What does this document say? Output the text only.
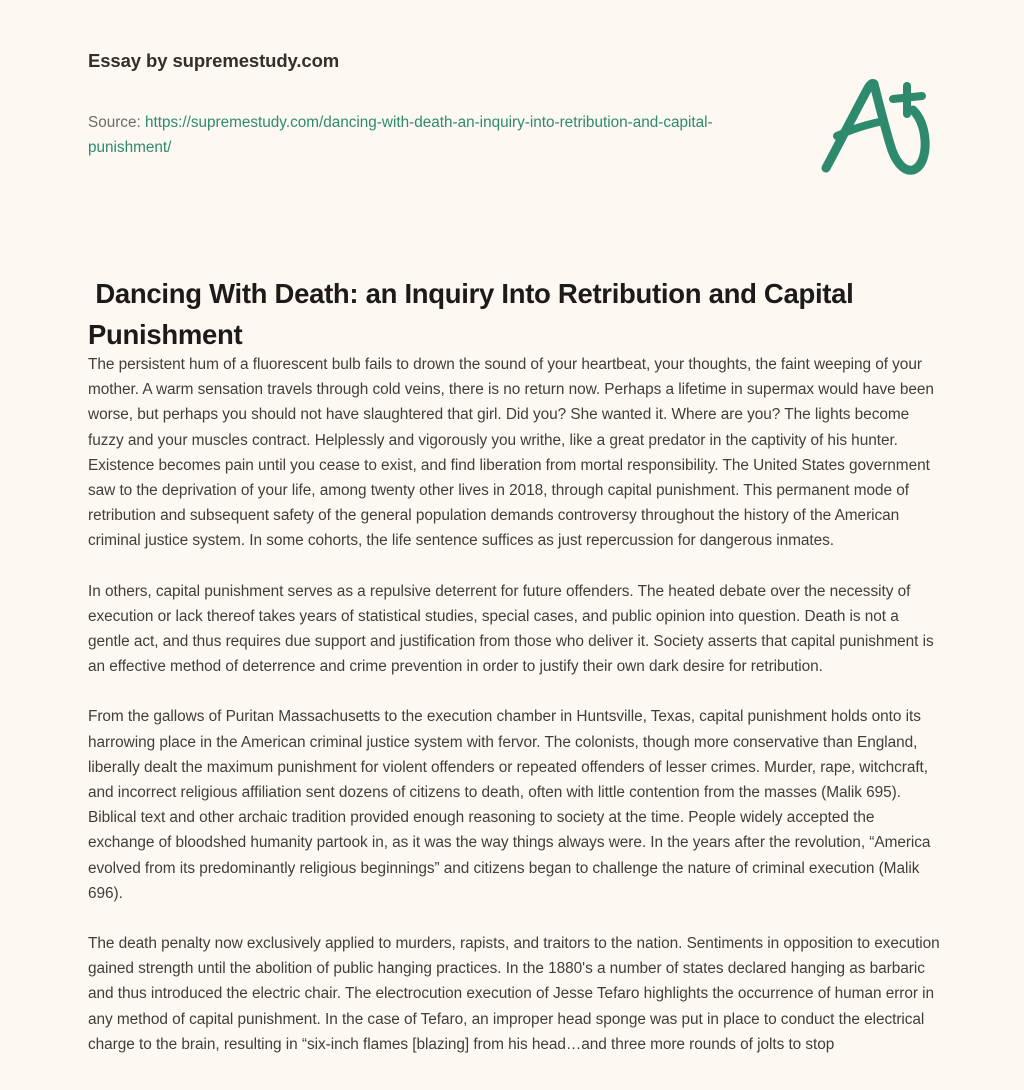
Essay by supremestudy.com
Source: https://supremestudy.com/dancing-with-death-an-inquiry-into-retribution-and-capital-punishment/
Dancing With Death: an Inquiry Into Retribution and Capital Punishment

The persistent hum of a fluorescent bulb fails to drown the sound of your heartbeat, your thoughts, the faint weeping of your mother. A warm sensation travels through cold veins, there is no return now. Perhaps a lifetime in supermax would have been worse, but perhaps you should not have slaughtered that girl. Did you? She wanted it. Where are you? The lights become fuzzy and your muscles contract. Helplessly and vigorously you writhe, like a great predator in the captivity of his hunter. Existence becomes pain until you cease to exist, and find liberation from mortal responsibility. The United States government saw to the deprivation of your life, among twenty other lives in 2018, through capital punishment. This permanent mode of retribution and subsequent safety of the general population demands controversy throughout the history of the American criminal justice system. In some cohorts, the life sentence suffices as just repercussion for dangerous inmates.

In others, capital punishment serves as a repulsive deterrent for future offenders. The heated debate over the necessity of execution or lack thereof takes years of statistical studies, special cases, and public opinion into question. Death is not a gentle act, and thus requires due support and justification from those who deliver it. Society asserts that capital punishment is an effective method of deterrence and crime prevention in order to justify their own dark desire for retribution.

From the gallows of Puritan Massachusetts to the execution chamber in Huntsville, Texas, capital punishment holds onto its harrowing place in the American criminal justice system with fervor. The colonists, though more conservative than England, liberally dealt the maximum punishment for violent offenders or repeated offenders of lesser crimes. Murder, rape, witchcraft, and incorrect religious affiliation sent dozens of citizens to death, often with little contention from the masses (Malik 695). Biblical text and other archaic tradition provided enough reasoning to society at the time. People widely accepted the exchange of bloodshed humanity partook in, as it was the way things always were. In the years after the revolution, “America evolved from its predominantly religious beginnings” and citizens began to challenge the nature of criminal execution (Malik 696).

The death penalty now exclusively applied to murders, rapists, and traitors to the nation. Sentiments in opposition to execution gained strength until the abolition of public hanging practices. In the 1880's a number of states declared hanging as barbaric and thus introduced the electric chair. The electrocution execution of Jesse Tefaro highlights the occurrence of human error in any method of capital punishment. In the case of Tefaro, an improper head sponge was put in place to conduct the electrical charge to the brain, resulting in “six-inch flames [blazing] from his head…and three more rounds of jolts to stop
